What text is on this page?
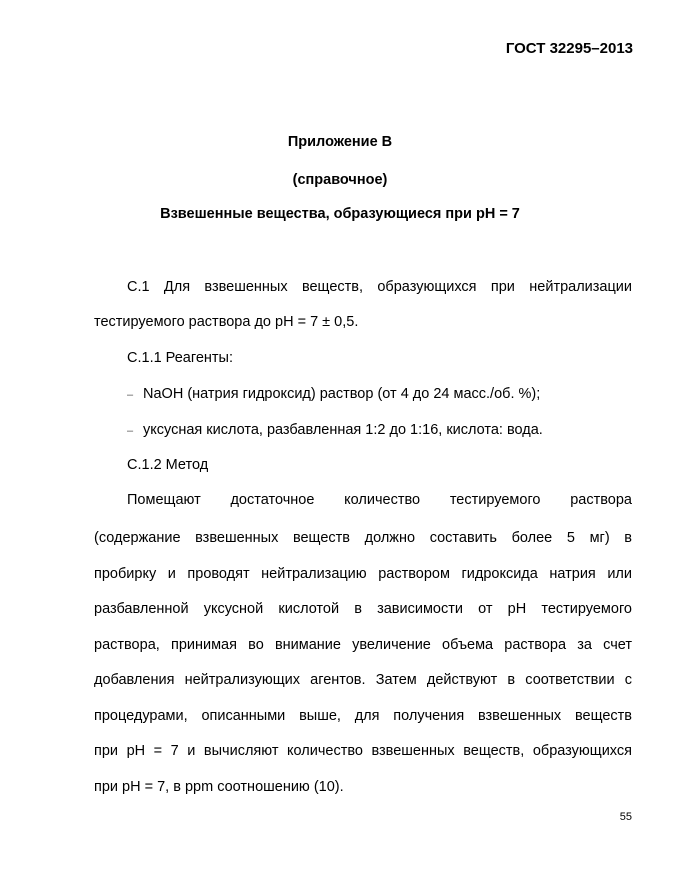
ГОСТ 32295–2013
Приложение B
(справочное)
Взвешенные вещества, образующиеся при pH = 7
С.1 Для взвешенных веществ, образующихся при нейтрализации
тестируемого раствора до pH = 7 ± 0,5.
С.1.1 Реагенты:
– NaOH (натрия гидроксид) раствор (от 4 до 24 масс./об. %);
– уксусная кислота, разбавленная 1:2 до 1:16, кислота: вода.
С.1.2 Метод
Помещают достаточное количество тестируемого раствора
(содержание взвешенных веществ должно составить более 5 мг) в
пробирку и проводят нейтрализацию раствором гидроксида натрия или
разбавленной уксусной кислотой в зависимости от pH тестируемого
раствора, принимая во внимание увеличение объема раствора за счет
добавления нейтрализующих агентов. Затем действуют в соответствии с
процедурами, описанными выше, для получения взвешенных веществ
при pH = 7 и вычисляют количество взвешенных веществ, образующихся
при pH = 7, в ppm соотношению (10).
55
